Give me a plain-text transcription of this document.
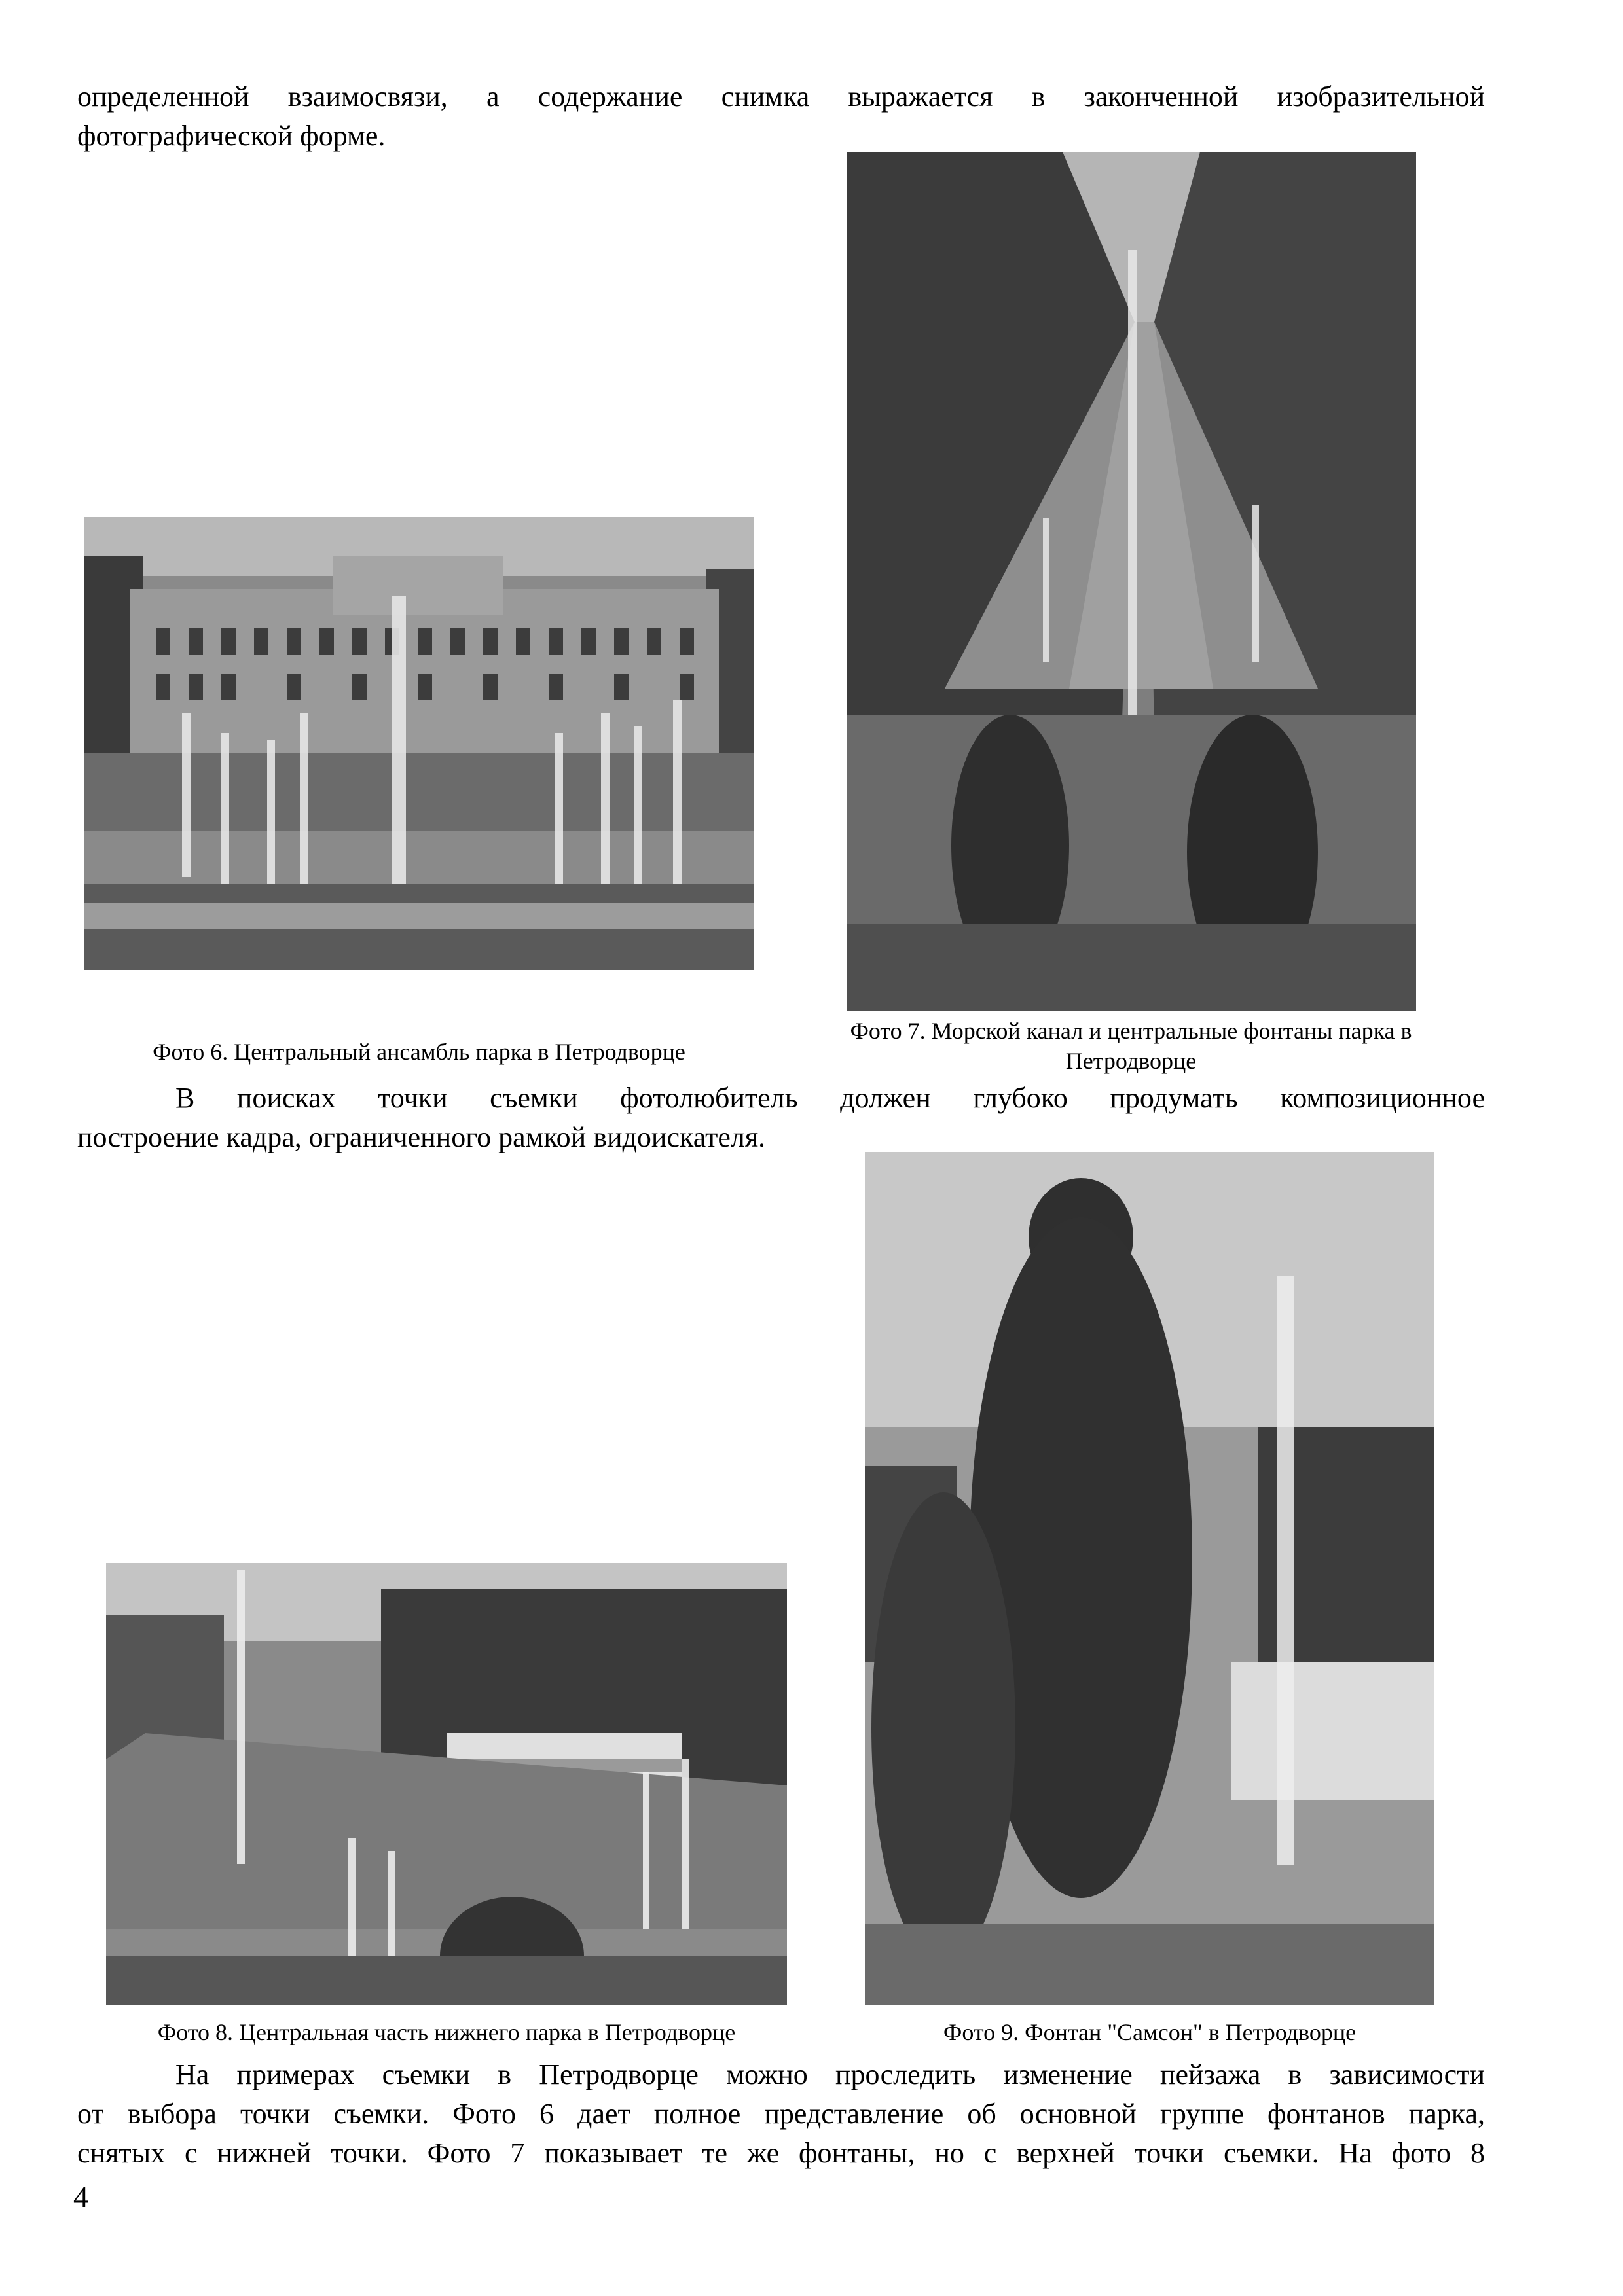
определенной взаимосвязи, а содержание снимка выражается в законченной изобразительной
фотографической форме.
Фото 6. Центральный ансамбль парка в Петродворце
Фото 7. Морской канал и центральные фонтаны парка в
Петродворце
В поисках точки съемки фотолюбитель должен глубоко продумать композиционное
построение кадра, ограниченного рамкой видоискателя.
Фото 8. Центральная часть нижнего парка в Петродворце	Фото 9. Фонтан "Самсон" в Петродворце
На примерах съемки в Петродворце можно проследить изменение пейзажа в зависимости
от выбора точки съемки. Фото 6 дает полное представление об основной группе фонтанов парка,
снятых с нижней точки. Фото 7 показывает те же фонтаны, но с верхней точки съемки. На фото 8
4
